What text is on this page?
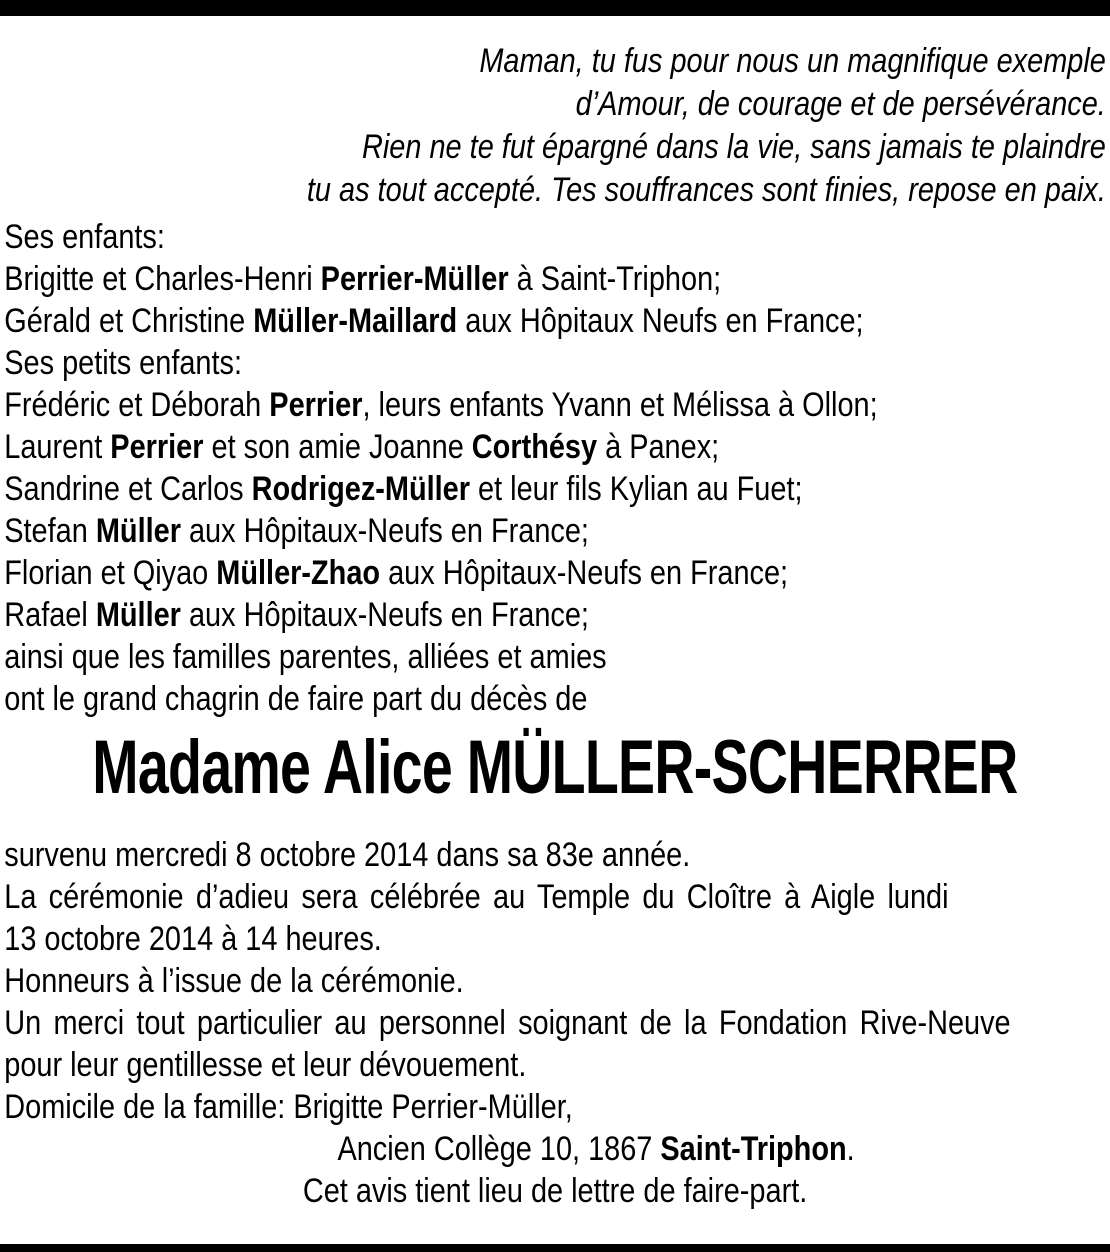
Maman, tu fus pour nous un magnifique exemple
d’Amour, de courage et de persévérance.
Rien ne te fut épargné dans la vie, sans jamais te plaindre
tu as tout accepté. Tes souffrances sont finies, repose en paix.
Ses enfants:
Brigitte et Charles-Henri Perrier-Müller à Saint-Triphon;
Gérald et Christine Müller-Maillard aux Hôpitaux Neufs en France;
Ses petits enfants:
Frédéric et Déborah Perrier, leurs enfants Yvann et Mélissa à Ollon;
Laurent Perrier et son amie Joanne Corthésy à Panex;
Sandrine et Carlos Rodrigez-Müller et leur fils Kylian au Fuet;
Stefan Müller aux Hôpitaux-Neufs en France;
Florian et Qiyao Müller-Zhao aux Hôpitaux-Neufs en France;
Rafael Müller aux Hôpitaux-Neufs en France;
ainsi que les familles parentes, alliées et amies
ont le grand chagrin de faire part du décès de
Madame Alice MÜLLER-SCHERRER
survenu mercredi 8 octobre 2014 dans sa 83e année.
La cérémonie d’adieu sera célébrée au Temple du Cloître à Aigle lundi
13 octobre 2014 à 14 heures.
Honneurs à l’issue de la cérémonie.
Un merci tout particulier au personnel soignant de la Fondation Rive-Neuve
pour leur gentillesse et leur dévouement.
Domicile de la famille: Brigitte Perrier-Müller,
Ancien Collège 10, 1867 Saint-Triphon.
Cet avis tient lieu de lettre de faire-part.
